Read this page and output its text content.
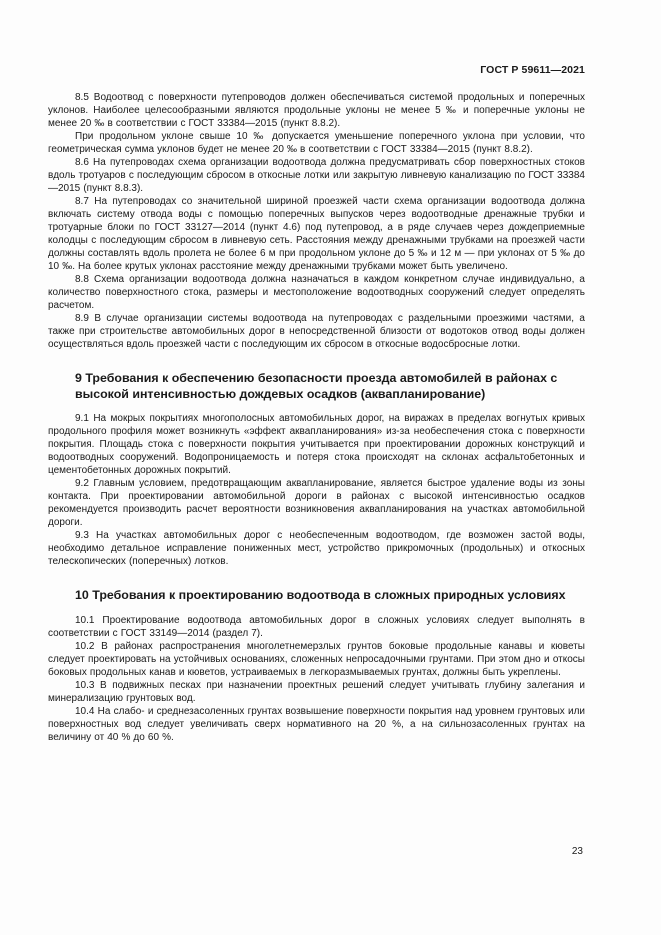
ГОСТ Р 59611—2021

8.5 Водоотвод с поверхности путепроводов должен обеспечиваться системой продольных и поперечных уклонов. Наиболее целесообразными являются продольные уклоны не менее 5 ‰ и поперечные уклоны не менее 20 ‰ в соответствии с ГОСТ 33384—2015 (пункт 8.8.2).

При продольном уклоне свыше 10 ‰ допускается уменьшение поперечного уклона при условии, что геометрическая сумма уклонов будет не менее 20 ‰ в соответствии с ГОСТ 33384—2015 (пункт 8.8.2).

8.6 На путепроводах схема организации водоотвода должна предусматривать сбор поверхностных стоков вдоль тротуаров с последующим сбросом в откосные лотки или закрытую ливневую канализацию по ГОСТ 33384—2015 (пункт 8.8.3).

8.7 На путепроводах со значительной шириной проезжей части схема организации водоотвода должна включать систему отвода воды с помощью поперечных выпусков через водоотводные дренажные трубки и тротуарные блоки по ГОСТ 33127—2014 (пункт 4.6) под путепровод, а в ряде случаев через дождеприемные колодцы с последующим сбросом в ливневую сеть. Расстояния между дренажными трубками на проезжей части должны составлять вдоль пролета не более 6 м при продольном уклоне до 5 ‰ и 12 м — при уклонах от 5 ‰ до 10 ‰. На более крутых уклонах расстояние между дренажными трубками может быть увеличено.

8.8 Схема организации водоотвода должна назначаться в каждом конкретном случае индивидуально, а количество поверхностного стока, размеры и местоположение водоотводных сооружений следует определять расчетом.

8.9 В случае организации системы водоотвода на путепроводах с раздельными проезжими частями, а также при строительстве автомобильных дорог в непосредственной близости от водотоков отвод воды должен осуществляться вдоль проезжей части с последующим их сбросом в откосные водосбросные лотки.

9 Требования к обеспечению безопасности проезда автомобилей в районах с высокой интенсивностью дождевых осадков (аквапланирование)

9.1 На мокрых покрытиях многополосных автомобильных дорог, на виражах в пределах вогнутых кривых продольного профиля может возникнуть «эффект аквапланирования» из-за необеспечения стока с поверхности покрытия. Площадь стока с поверхности покрытия учитывается при проектировании дорожных конструкций и водоотводных сооружений. Водопроницаемость и потеря стока происходят на склонах асфальтобетонных и цементобетонных дорожных покрытий.

9.2 Главным условием, предотвращающим аквапланирование, является быстрое удаление воды из зоны контакта. При проектировании автомобильной дороги в районах с высокой интенсивностью осадков рекомендуется производить расчет вероятности возникновения аквапланирования на участках автомобильной дороги.

9.3 На участках автомобильных дорог с необеспеченным водоотводом, где возможен застой воды, необходимо детальное исправление пониженных мест, устройство прикромочных (продольных) и откосных телескопических (поперечных) лотков.

10 Требования к проектированию водоотвода в сложных природных условиях

10.1 Проектирование водоотвода автомобильных дорог в сложных условиях следует выполнять в соответствии с ГОСТ 33149—2014 (раздел 7).

10.2 В районах распространения многолетнемерзлых грунтов боковые продольные канавы и кюветы следует проектировать на устойчивых основаниях, сложенных непросадочными грунтами. При этом дно и откосы боковых продольных канав и кюветов, устраиваемых в легкоразмываемых грунтах, должны быть укреплены.

10.3 В подвижных песках при назначении проектных решений следует учитывать глубину залегания и минерализацию грунтовых вод.

10.4 На слабо- и среднезасоленных грунтах возвышение поверхности покрытия над уровнем грунтовых или поверхностных вод следует увеличивать сверх нормативного на 20 %, а на сильнозасоленных грунтах на величину от 40 % до 60 %.

23
